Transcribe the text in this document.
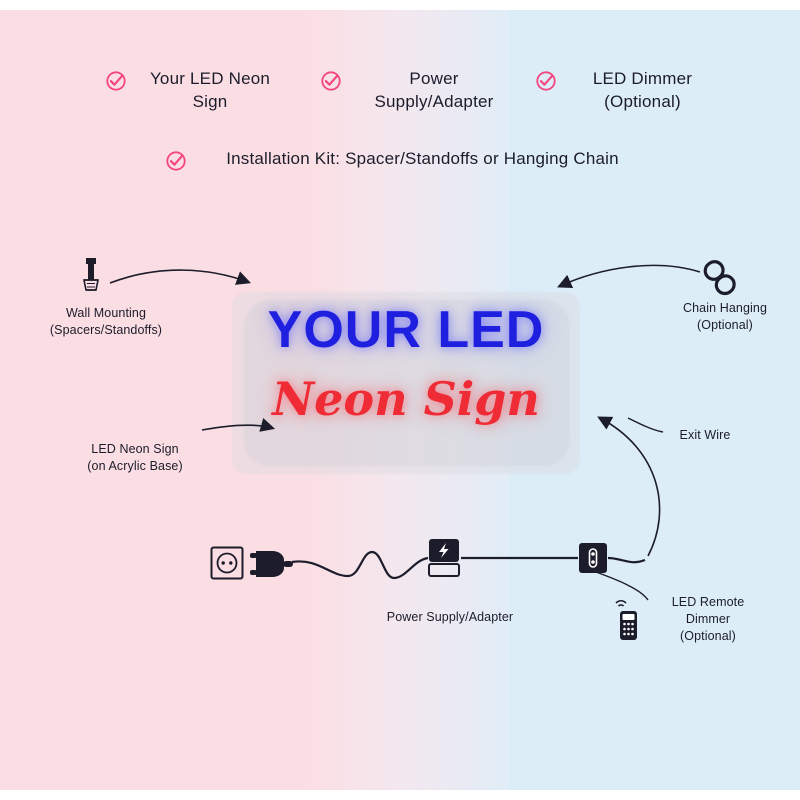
Your LED Neon Sign
Power Supply/Adapter
LED Dimmer (Optional)
Installation Kit: Spacer/Standoffs or Hanging Chain
YOUR LED
Neon Sign
Wall Mounting
(Spacers/Standoffs)
Chain Hanging
(Optional)
LED Neon Sign
(on Acrylic Base)
Exit Wire
Power Supply/Adapter
LED Remote
Dimmer
(Optional)
